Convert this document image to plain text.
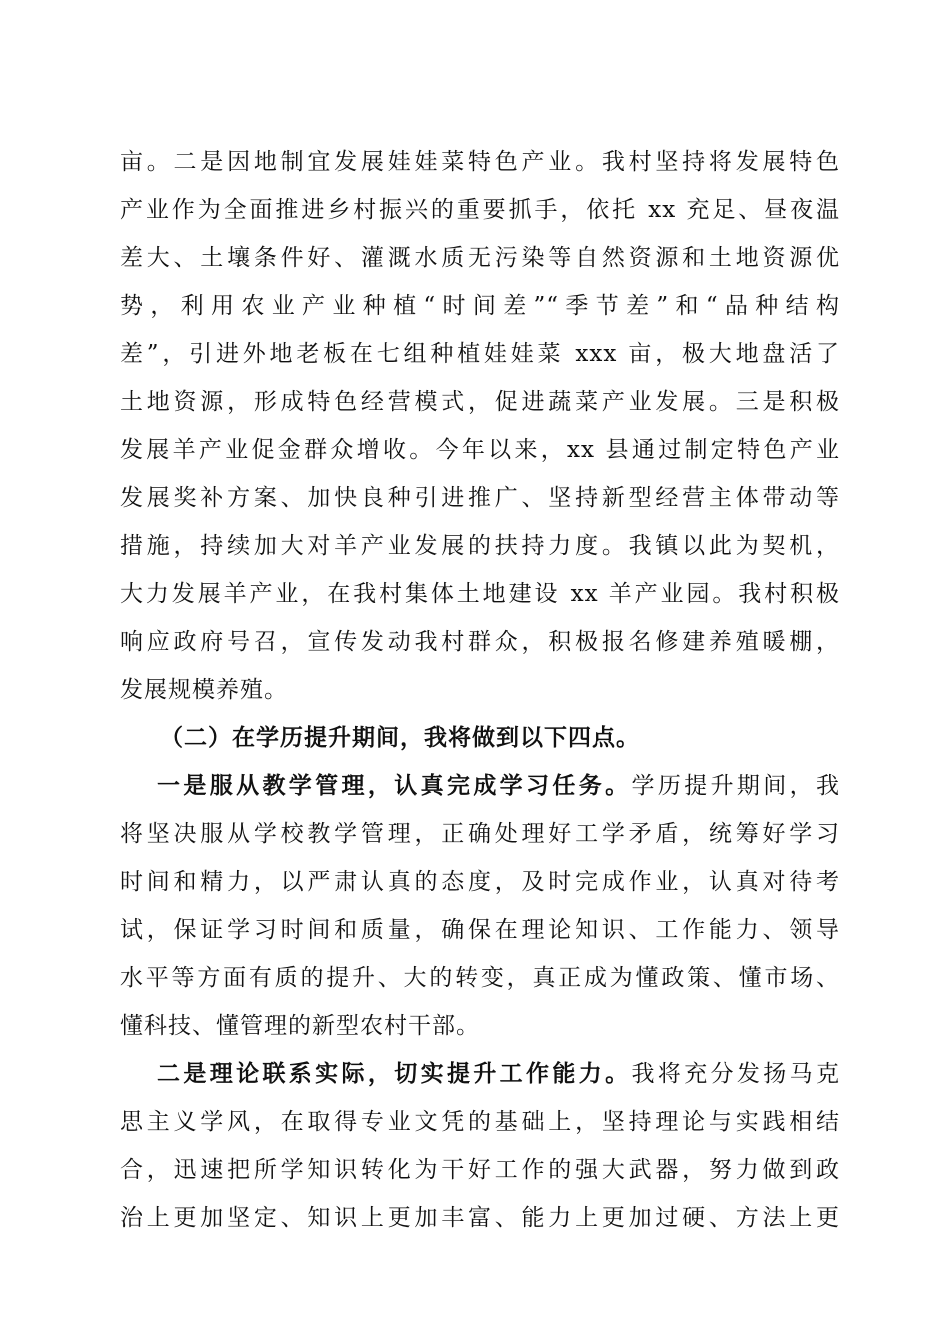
亩。二是因地制宜发展娃娃菜特色产业。我村坚持将发展特色
产业作为全面推进乡村振兴的重要抓手，依托 xx 充足、昼夜温
差大、土壤条件好、灌溉水质无污染等自然资源和土地资源优
势，利用农业产业种植“时间差”“季节差”和“品种结构
差”，引进外地老板在七组种植娃娃菜 xxx 亩，极大地盘活了
土地资源，形成特色经营模式，促进蔬菜产业发展。三是积极
发展羊产业促金群众增收。今年以来，xx 县通过制定特色产业
发展奖补方案、加快良种引进推广、坚持新型经营主体带动等
措施，持续加大对羊产业发展的扶持力度。我镇以此为契机，
大力发展羊产业，在我村集体土地建设 xx 羊产业园。我村积极
响应政府号召，宣传发动我村群众，积极报名修建养殖暖棚，
发展规模养殖。
（二）在学历提升期间，我将做到以下四点。
一是服从教学管理，认真完成学习任务。学历提升期间，我
将坚决服从学校教学管理，正确处理好工学矛盾，统筹好学习
时间和精力，以严肃认真的态度，及时完成作业，认真对待考
试，保证学习时间和质量，确保在理论知识、工作能力、领导
水平等方面有质的提升、大的转变，真正成为懂政策、懂市场、
懂科技、懂管理的新型农村干部。
二是理论联系实际，切实提升工作能力。我将充分发扬马克
思主义学风，在取得专业文凭的基础上，坚持理论与实践相结
合，迅速把所学知识转化为干好工作的强大武器，努力做到政
治上更加坚定、知识上更加丰富、能力上更加过硬、方法上更
